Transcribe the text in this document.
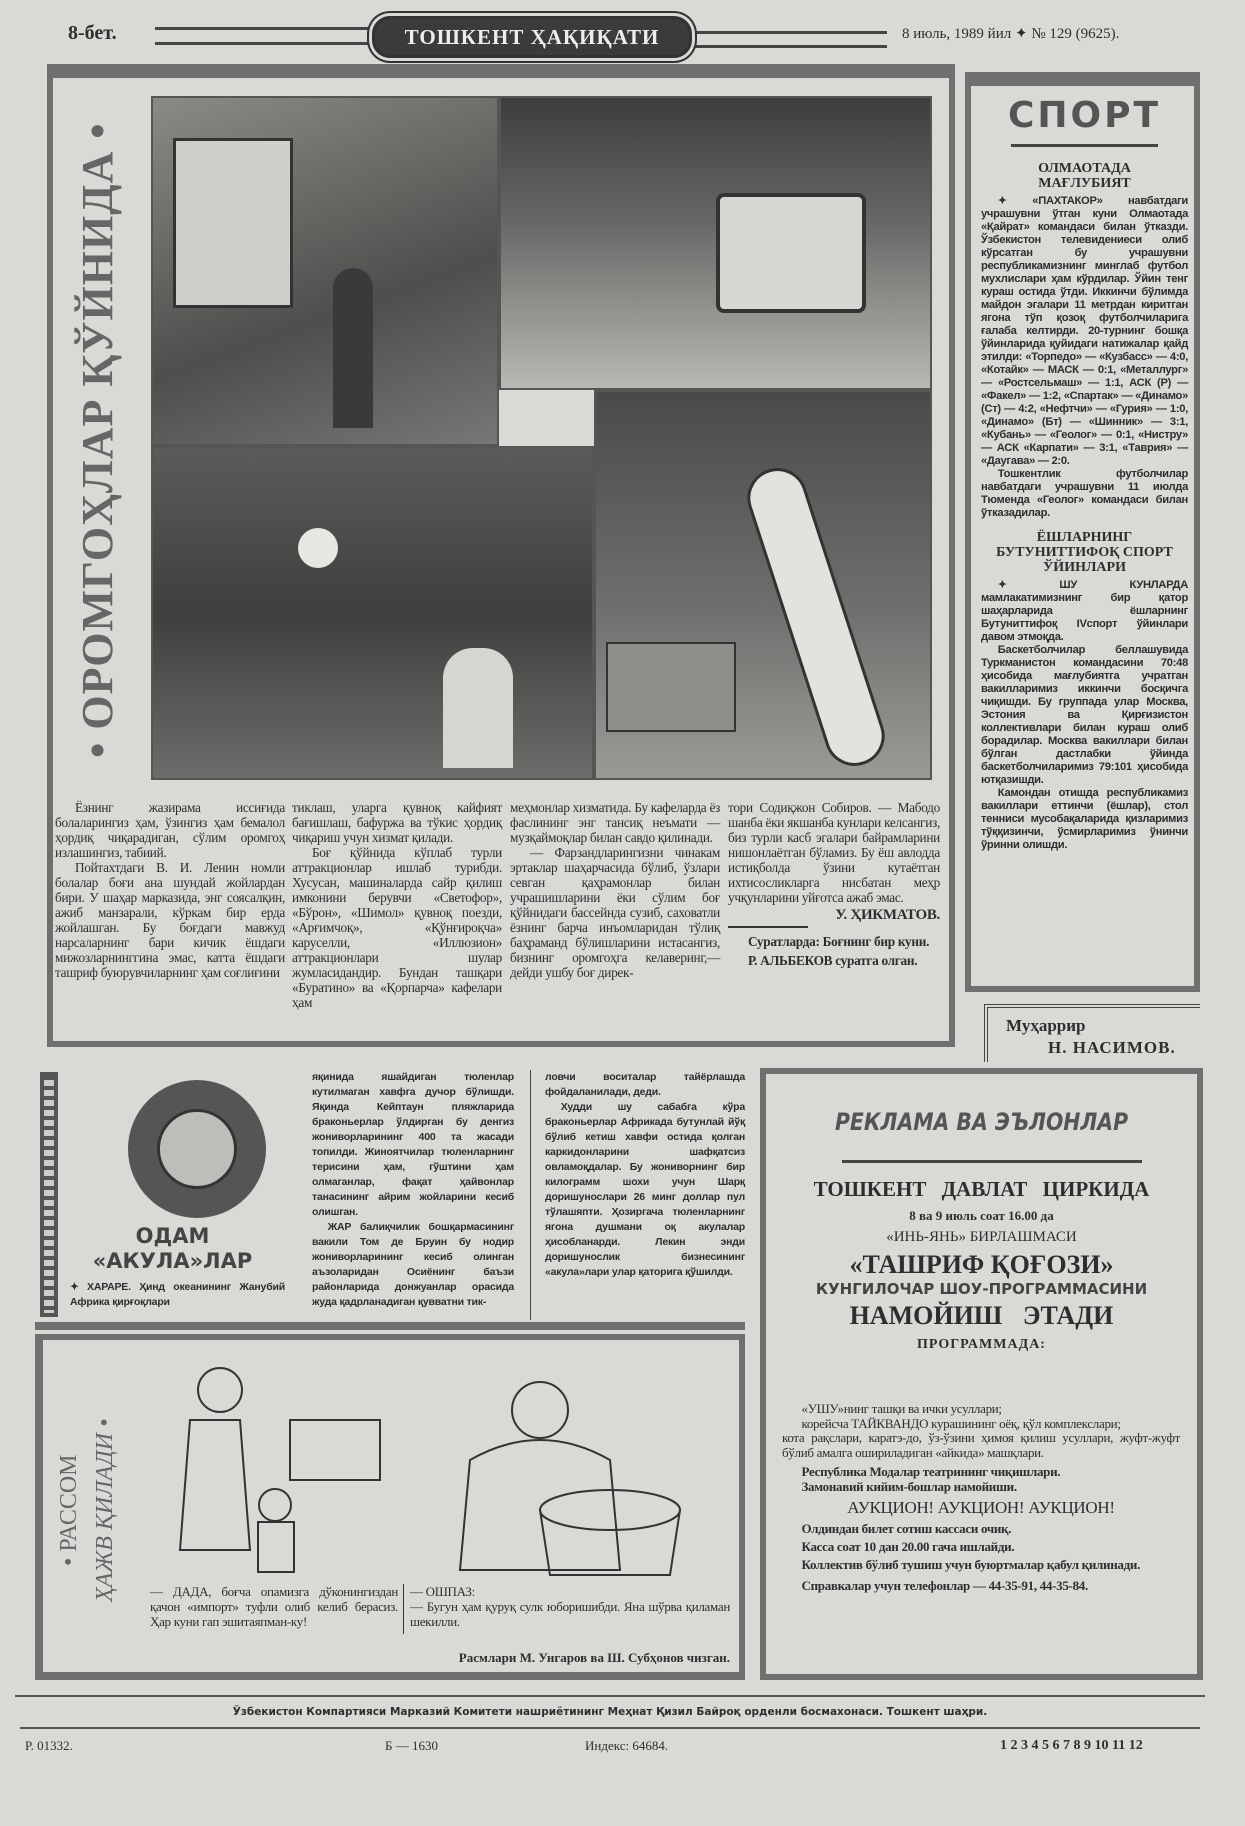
8-бет.	ТОШКЕНТ ҲАҚИҚАТИ	8 июль, 1989 йил ✦ № 129 (9625).
• ОРОМГОҲЛАР ҚЎЙНИДА •

Ёзнинг жазирама иссиғида болаларингиз ҳам, ўзингиз ҳам бемалол ҳордиқ чиқарадиган, сўлим оромгоҳ излашингиз, табиий.

Пойтахтдаги В. И. Ленин номли болалар боғи ана шундай жойлардан бири. У шаҳар марказида, энг соясалқин, ажиб манзарали, кўркам бир ерда жойлашган. Бу боғдаги мавжуд нарсаларнинг бари кичик ёшдаги мижозларнинггина эмас, катта ёшдаги ташриф буюрувчиларнинг ҳам соғлиғини

тиклаш, уларга қувноқ кайфият бағишлаш, бафуржа ва тўкис ҳордиқ чиқариш учун хизмат қилади.

Боғ қўйнида кўплаб турли аттракционлар ишлаб турибди. Хусусан, машиналарда сайр қилиш имконини берувчи «Светофор», «Бўрон», «Шимол» қувноқ поезди, «Арғимчоқ», «Қўнғироқча» каруселли, «Иллюзион» аттракционлари шулар жумласидандир. Бундан ташқари «Буратино» ва «Қорпарча» кафелари ҳам

меҳмонлар хизматида. Бу кафеларда ёз фаслининг энг тансиқ неъмати — музқаймоқлар билан савдо қилинади.

— Фарзандларингизни чинакам эртаклар шаҳарчасида бўлиб, ўзлари севган қаҳрамонлар билан учрашишларини ёки сўлим боғ қўйнидаги бассейнда сузиб, саховатли ёзнинг барча инъомларидан тўлиқ баҳраманд бўлишларини истасангиз, бизнинг оромгоҳга келаверинг,—дейди ушбу боғ дирек-

тори Содиқжон Собиров. — Мабодо шанба ёки якшанба кунлари келсангиз, биз турли касб эгалари байрамларини нишонлаётган бўламиз. Бу ёш авлодда истиқболда ўзини кутаётган ихтисосликларга нисбатан меҳр учқунларини уйғотса ажаб эмас.

У. ҲИКМАТОВ.

Суратларда: Боғнинг бир куни.

Р. АЛЬБЕКОВ суратга олган.

СПОРТ
ОЛМАОТАДА МАҒЛУБИЯТ

✦ «ПАХТАКОР» навбатдаги учрашувни ўтган куни Олмаотада «Қайрат» командаси билан ўтказди. Ўзбекистон телевидениеси олиб кўрсатган бу учрашувни республикамизнинг минглаб футбол мухлислари ҳам кўрдилар. Ўйин тенг кураш остида ўтди. Иккинчи бўлимда майдон эгалари 11 метрдан киритган ягона тўп қозоқ футболчиларига ғалаба келтирди. 20-турнинг бошқа ўйинларида қуйидаги натижалар қайд этилди: «Торпедо» — «Кузбасс» — 4:0, «Котайк» — МАСК — 0:1, «Металлург» — «Ростсельмаш» — 1:1, АСК (Р) — «Факел» — 1:2, «Спартак» — «Динамо» (Ст) — 4:2, «Нефтчи» — «Гурия» — 1:0, «Динамо» (Бт) — «Шинник» — 3:1, «Кубань» — «Геолог» — 0:1, «Нистру» — АСК «Карпати» — 3:1, «Таврия» — «Даугава» — 2:0.

Тошкентлик футболчилар навбатдаги учрашувни 11 июлда Тюменда «Геолог» командаси билан ўтказадилар.

ЁШЛАРНИНГ БУТУНИТТИФОҚ СПОРТ ЎЙИНЛАРИ

✦ ШУ КУНЛАРДА мамлакатимизнинг бир қатор шаҳарларида ёшларнинг Бутуниттифоқ IVспорт ўйинлари давом этмоқда.

Баскетболчилар беллашувида Туркманистон командасини 70:48 ҳисобида мағлубиятга учратган вакилларимиз иккинчи босқичга чиқишди. Бу группада улар Москва, Эстония ва Қирғизистон коллективлари билан кураш олиб борадилар. Москва вакиллари билан бўлган дастлабки ўйинда баскетболчиларимиз 79:101 ҳисобида ютқазишди.

Камондан отишда республикамиз вакиллари еттинчи (ёшлар), стол тенниси мусобақаларида қизларимиз тўққизинчи, ўсмирларимиз ўнинчи ўринни олишди.

Муҳаррир
Н. НАСИМОВ.
ОДАМ
«АКУЛА»ЛАР
✦ ХАРАРЕ. Ҳинд океанининг Жанубий Африка қирғоқлари

яқинида яшайдиган тюленлар кутилмаган хавфга дучор бўлишди. Яқинда Кейптаун пляжларида браконьерлар ўлдирган бу денгиз жониворларининг 400 та жасади топилди. Жиноятчилар тюленларнинг терисини ҳам, гўштини ҳам олмаганлар, фақат ҳайвонлар танасининг айрим жойларини кесиб олишган.

ЖАР балиқчилик бошқармасининг вакили Том де Бруин бу нодир жониворларининг кесиб олинган аъзоларидан Осиёнинг баъзи районларида донжуанлар орасида жуда қадрланадиган қувватни тик-

ловчи воситалар тайёрлашда фойдаланилади, деди.

Худди шу сабабга кўра браконьерлар Африкада бутунлай йўқ бўлиб кетиш хавфи остида қолган каркидонларини шафқатсиз овламоқдалар. Бу жониворнинг бир килограмм шохи учун Шарқ доришунослари 26 минг доллар пул тўлашяпти. Ҳозиргача тюленларнинг ягона душмани оқ акулалар ҳисобланарди. Лекин энди доришунослик бизнесининг «акула»лари улар қаторига қўшилди.

• РАССОМ ҲАЖВ ҚИЛАДИ •
— ДАДА, боғча опамизга дўконингиздан қачон «импорт» туфли олиб келиб берасиз. Ҳар куни гап эшитаяпман-ку!
— ОШПАЗ:
— Бугун ҳам қуруқ сулк юборишибди. Яна шўрва қиламан шекилли.
Расмлари М. Унгаров ва Ш. Субҳонов чизган.
РЕКЛАМА ВА ЭЪЛОНЛАР
ТОШКЕНТ ДАВЛАТ ЦИРКИДА
8 ва 9 июль соат 16.00 да
«ИНЬ-ЯНЬ» БИРЛАШМАСИ
«ТАШРИФ ҚОҒОЗИ»
КУНГИЛОЧАР ШОУ-ПРОГРАММАСИНИ
НАМОЙИШ ЭТАДИ
ПРОГРАММАДА:

«УШУ»нинг ташқи ва ички усуллари;

корейсча ТАЙКВАНДО курашининг оёқ, қўл комплекслари;

кота рақслари, каратэ-до, ўз-ўзини ҳимоя қилиш усуллари, жуфт-жуфт бўлиб амалга ошириладиган «айкида» машқлари.

Республика Модалар театрининг чиқишлари.

Замонавий кийим-бошлар намойиши.

АУКЦИОН! АУКЦИОН! АУКЦИОН!

Олдиндан билет сотиш кассаси очиқ.

Касса соат 10 дан 20.00 гача ишлайди.

Коллектив бўлиб тушиш учун буюртмалар қабул қилинади.

Справкалар учун телефонлар — 44-35-91, 44-35-84.

Ўзбекистон Компартияси Марказий Комитети нашриётининг Меҳнат Қизил Байроқ орденли босмахонаси. Тошкент шаҳри.
Р. 01332.	Б — 1630	Индекс: 64684.	1 2 3 4 5 6 7 8 9 10 11 12
